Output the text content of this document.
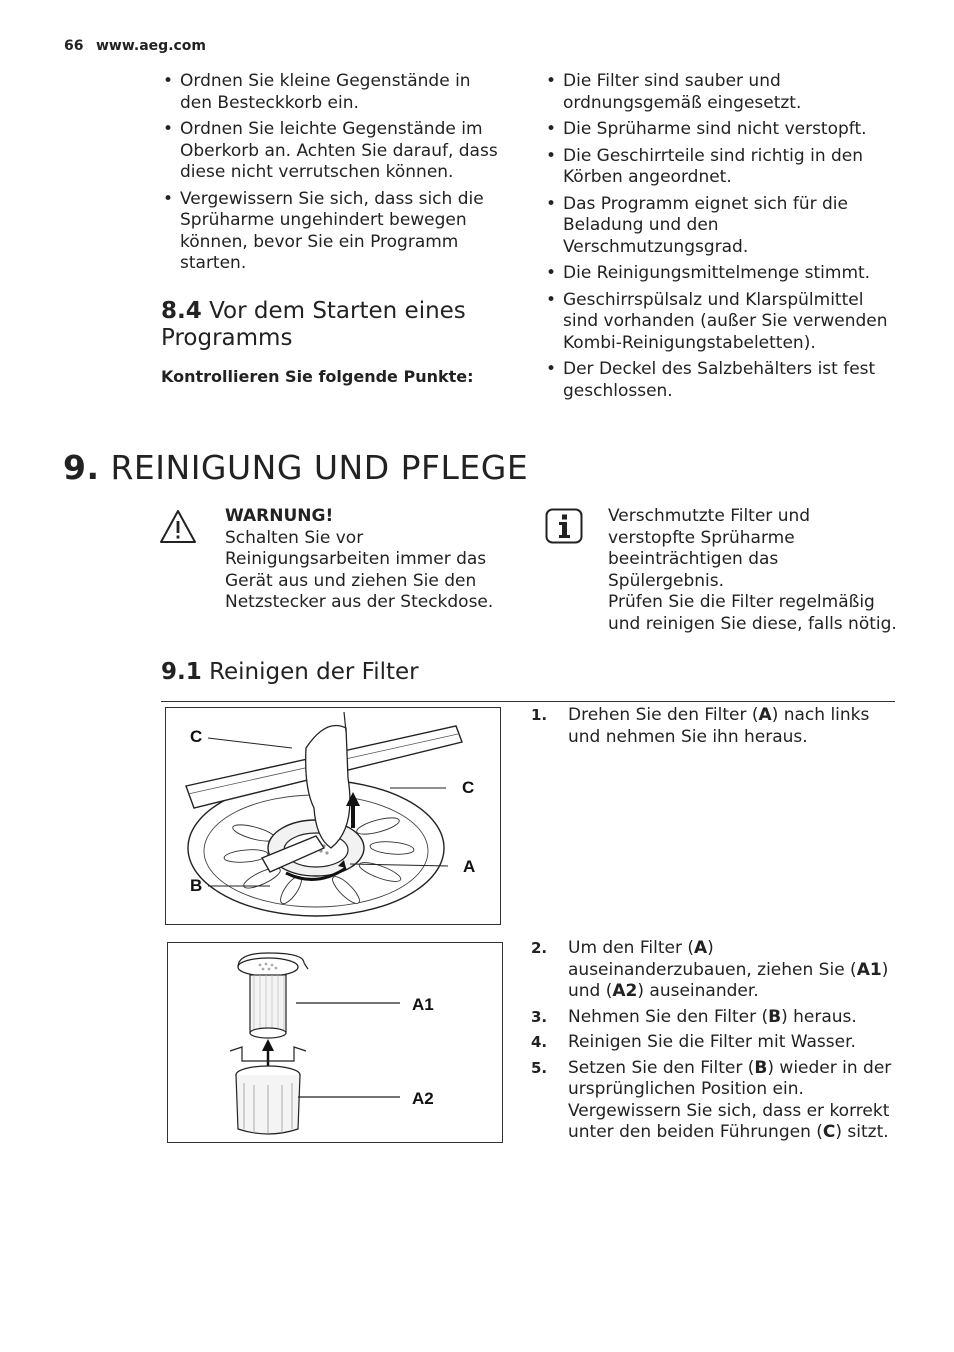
66 www.aeg.com
• Ordnen Sie kleine Gegenstände in den Besteckkorb ein.
• Ordnen Sie leichte Gegenstände im Oberkorb an. Achten Sie darauf, dass diese nicht verrutschen können.
• Vergewissern Sie sich, dass sich die Sprüharme ungehindert bewegen können, bevor Sie ein Programm starten.
8.4 Vor dem Starten eines Programms
Kontrollieren Sie folgende Punkte:
• Die Filter sind sauber und ordnungsgemäß eingesetzt.
• Die Sprüharme sind nicht verstopft.
• Die Geschirrteile sind richtig in den Körben angeordnet.
• Das Programm eignet sich für die Beladung und den Verschmutzungsgrad.
• Die Reinigungsmittelmenge stimmt.
• Geschirrspülsalz und Klarspülmittel sind vorhanden (außer Sie verwenden Kombi-Reinigungstabeletten).
• Der Deckel des Salzbehälters ist fest geschlossen.
9. REINIGUNG UND PFLEGE
WARNUNG!
Schalten Sie vor Reinigungsarbeiten immer das Gerät aus und ziehen Sie den Netzstecker aus der Steckdose.
Verschmutzte Filter und verstopfte Sprüharme beeinträchtigen das Spülergebnis.
Prüfen Sie die Filter regelmäßig und reinigen Sie diese, falls nötig.
9.1 Reinigen der Filter
C
C
A
B
A1
A2
1. Drehen Sie den Filter (A) nach links und nehmen Sie ihn heraus.
2. Um den Filter (A) auseinanderzubauen, ziehen Sie (A1) und (A2) auseinander.
3. Nehmen Sie den Filter (B) heraus.
4. Reinigen Sie die Filter mit Wasser.
5. Setzen Sie den Filter (B) wieder in der ursprünglichen Position ein. Vergewissern Sie sich, dass er korrekt unter den beiden Führungen (C) sitzt.
